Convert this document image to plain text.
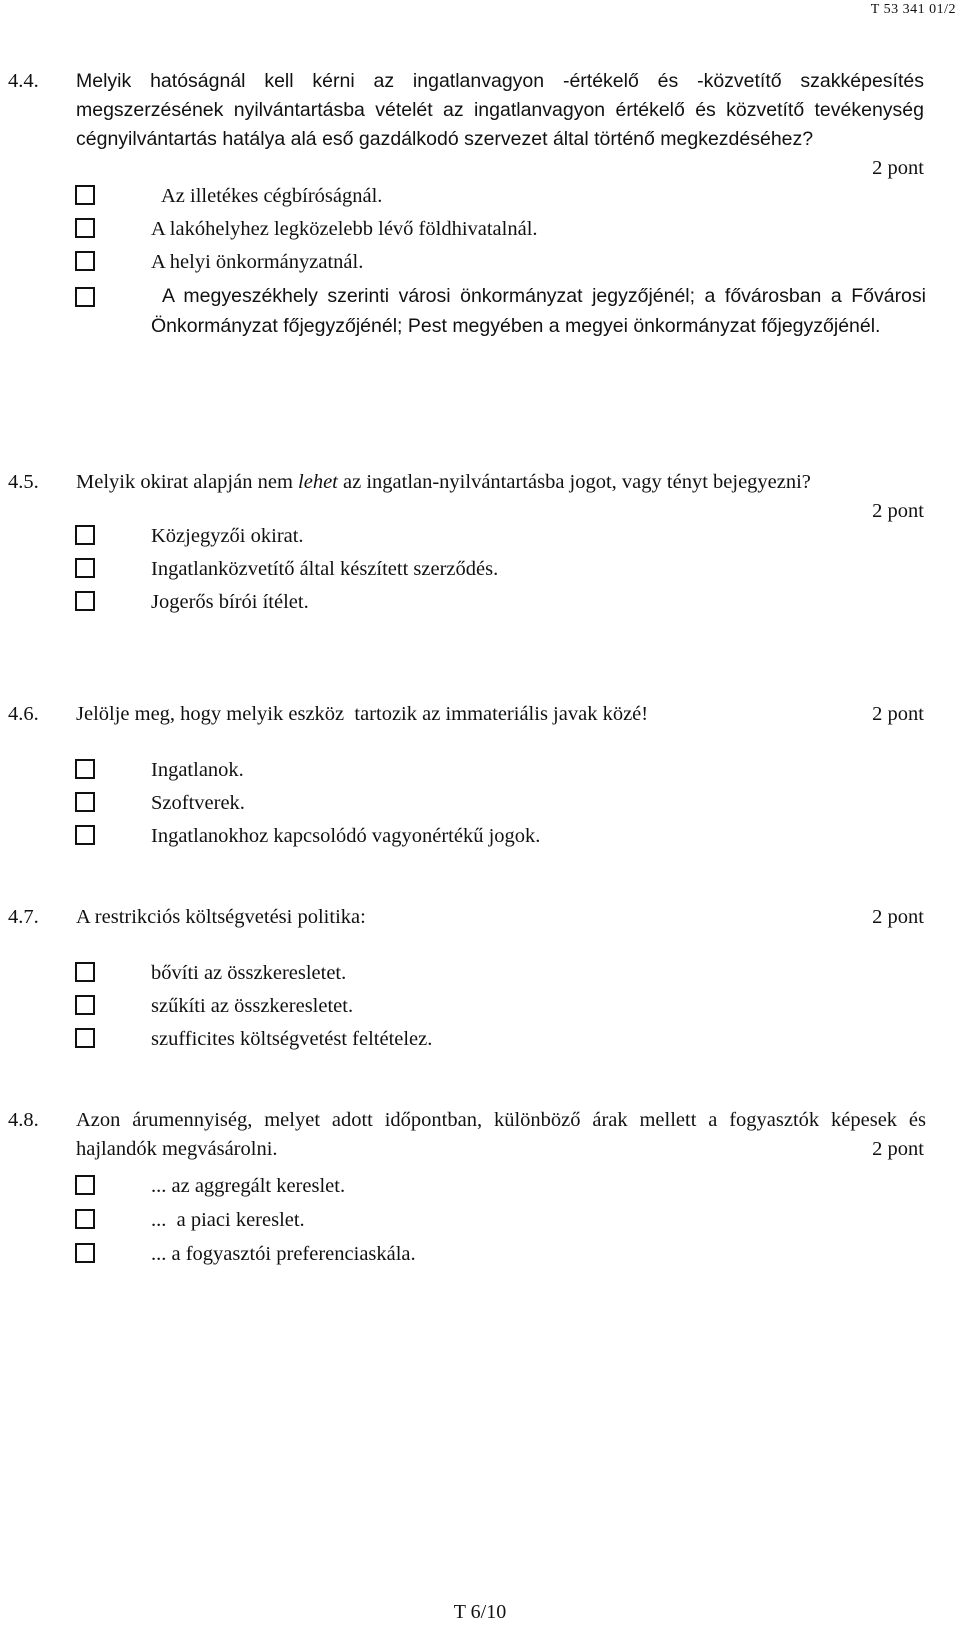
T 53 341 01/2
4.4. Melyik hatóságnál kell kérni az ingatlanvagyon -értékelő és -közvetítő szakképesítés megszerzésének nyilvántartásba vételét az ingatlanvagyon értékelő és közvetítő tevékenység cégnyilvántartás hatálya alá eső gazdálkodó szervezet által történő megkezdéséhez?
2 pont
Az illetékes cégbíróságnál.
A lakóhelyhez legközelebb lévő földhivatalnál.
A helyi önkormányzatnál.
A megyeszékhely szerinti városi önkormányzat jegyzőjénél; a fővárosban a Fővárosi Önkormányzat főjegyzőjénél; Pest megyében a megyei önkormányzat főjegyzőjénél.
4.5. Melyik okirat alapján nem lehet az ingatlan-nyilvántartásba jogot, vagy tényt bejegyezni?
2 pont
Közjegyzői okirat.
Ingatlanközvetítő által készített szerződés.
Jogerős bírói ítélet.
4.6. Jelölje meg, hogy melyik eszköz  tartozik az immateriális javak közé!	2 pont
Ingatlanok.
Szoftverek.
Ingatlanokhoz kapcsolódó vagyonértékű jogok.
4.7. A restrikciós költségvetési politika:	2 pont
bővíti az összkeresletet.
szűkíti az összkeresletet.
szufficites költségvetést feltételez.
4.8. Azon árumennyiség, melyet adott időpontban, különböző árak mellett a fogyasztók képesek és hajlandók megvásárolni.	2 pont
... az aggregált kereslet.
...  a piaci kereslet.
... a fogyasztói preferenciaskála.
T 6/10
